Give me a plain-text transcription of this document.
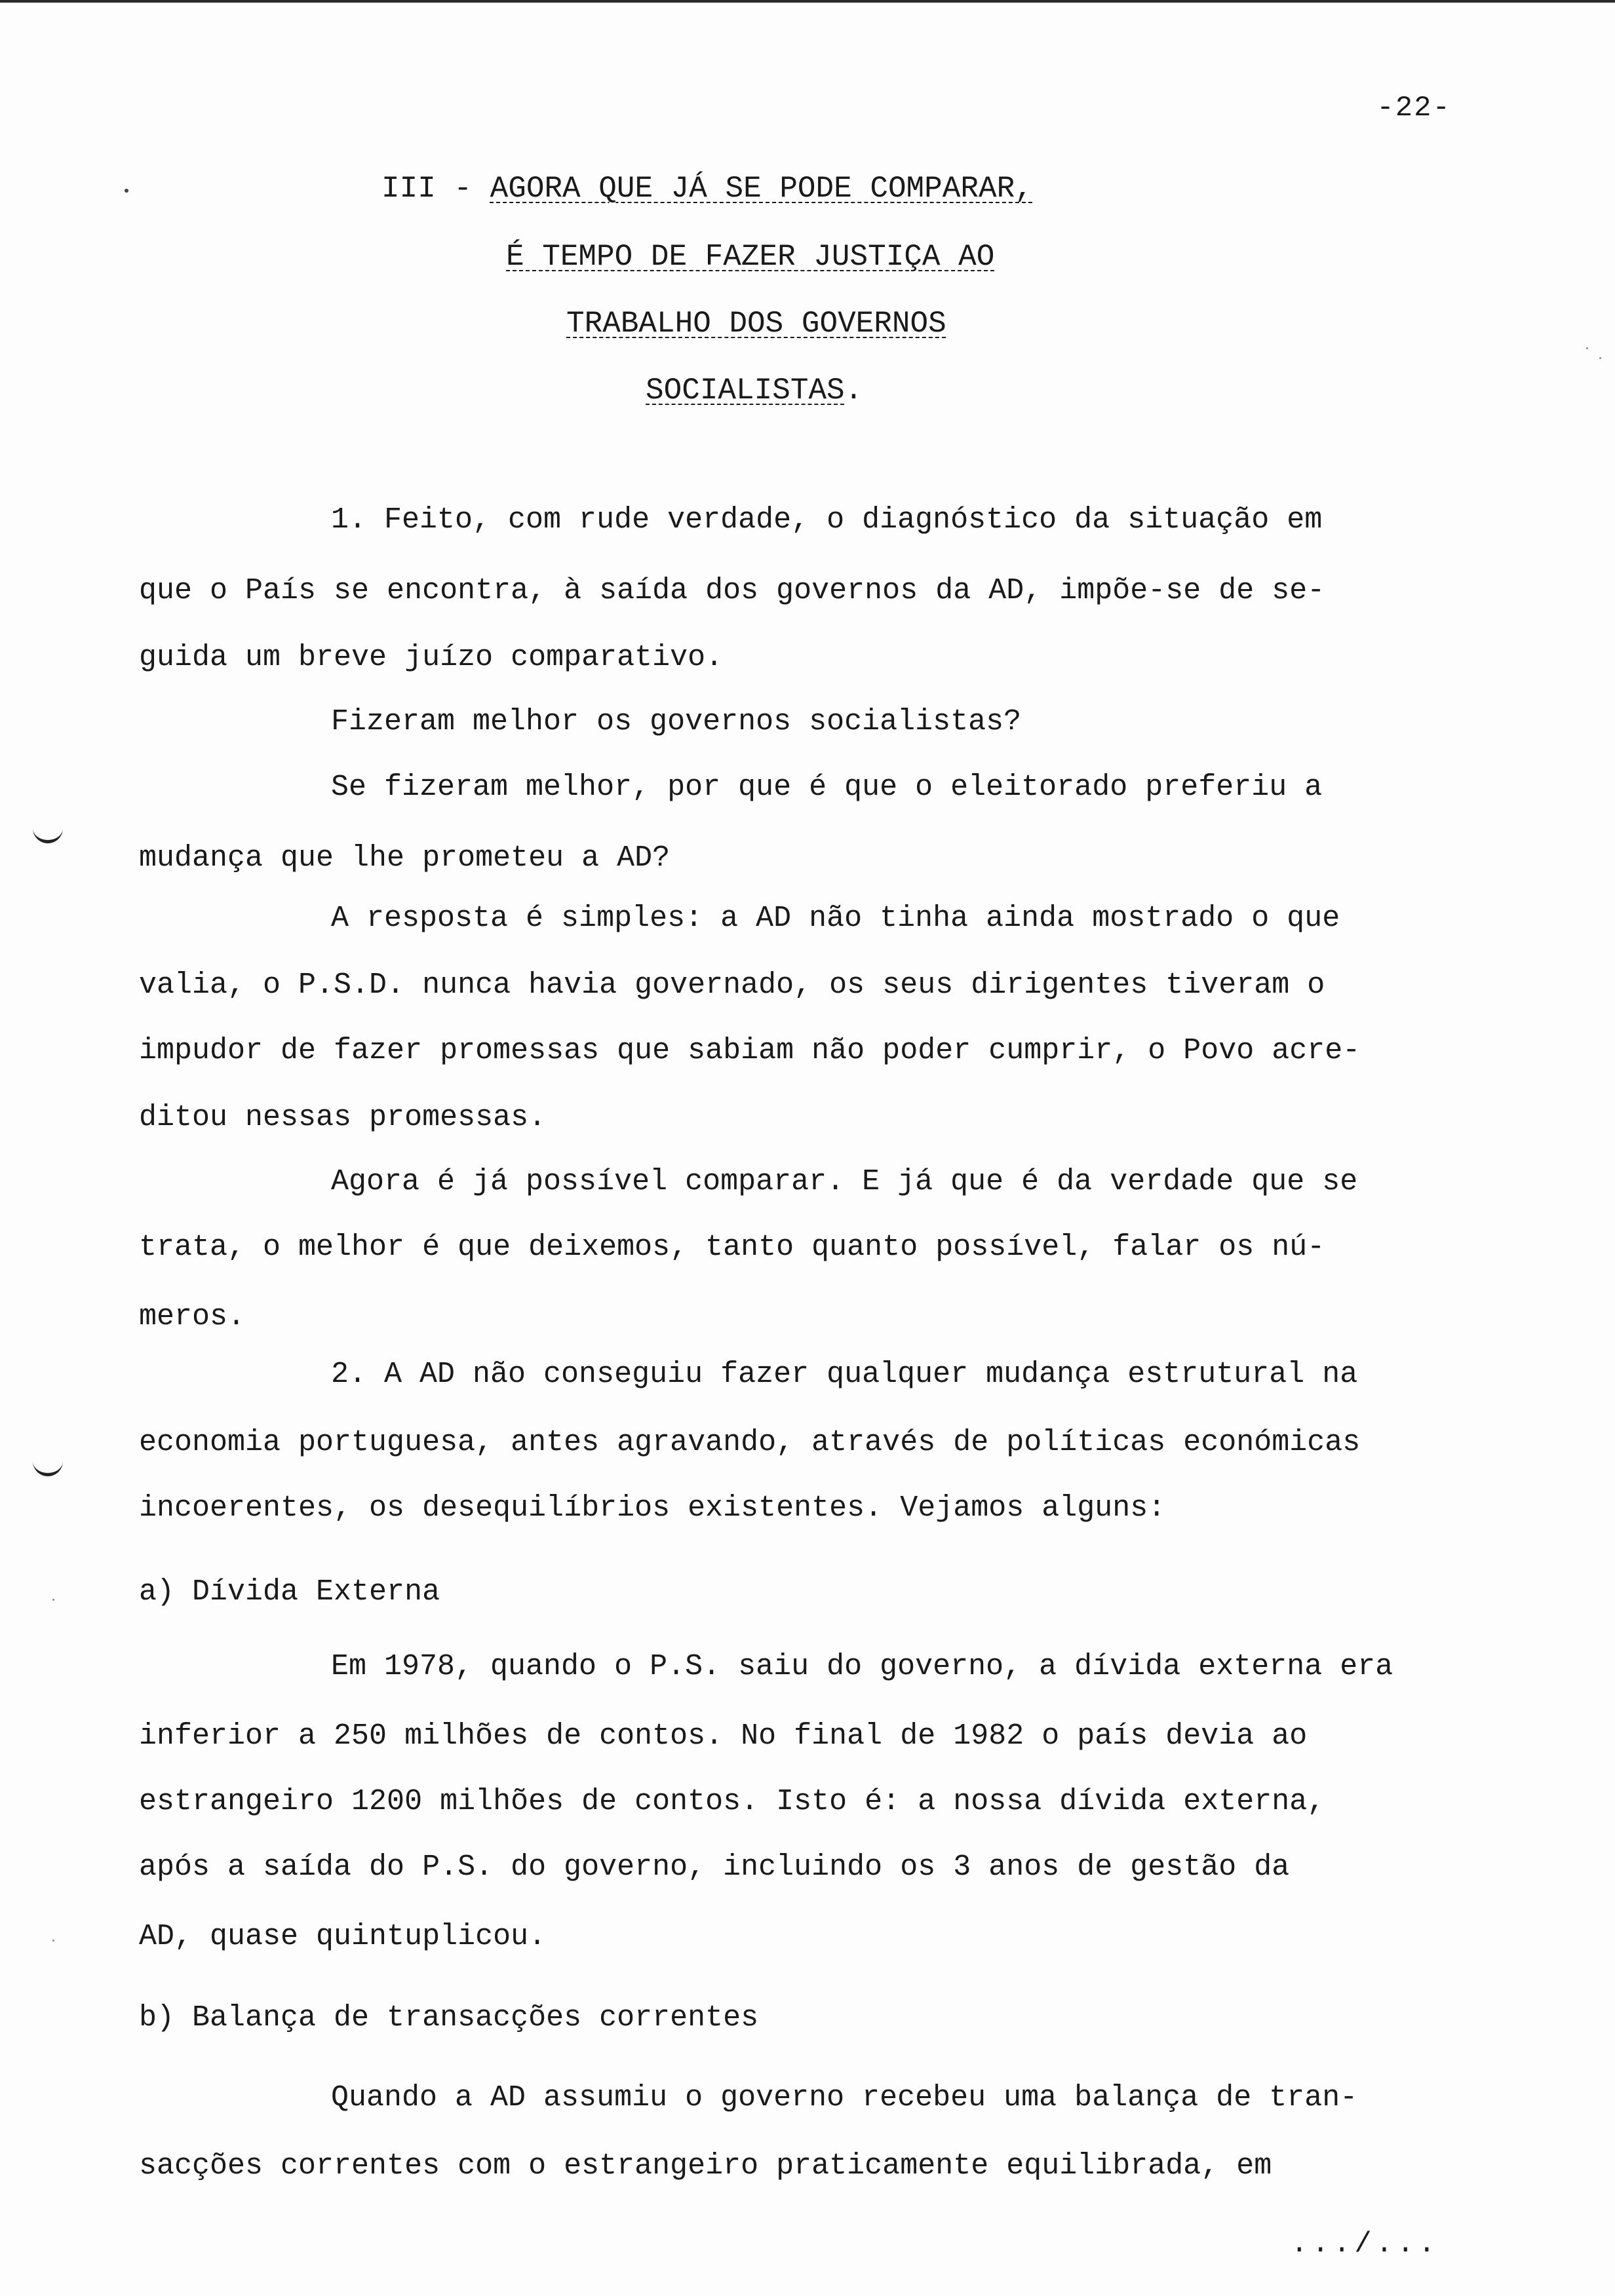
-22-
III - AGORA QUE JÁ SE PODE COMPARAR,
É TEMPO DE FAZER JUSTIÇA AO
TRABALHO DOS GOVERNOS
SOCIALISTAS.
1. Feito, com rude verdade, o diagnóstico da situação em
que o País se encontra, à saída dos governos da AD, impõe-se de se-
guida um breve juízo comparativo.
Fizeram melhor os governos socialistas?
Se fizeram melhor, por que é que o eleitorado preferiu a
mudança que lhe prometeu a AD?
A resposta é simples: a AD não tinha ainda mostrado o que
valia, o P.S.D. nunca havia governado, os seus dirigentes tiveram o
impudor de fazer promessas que sabiam não poder cumprir, o Povo acre-
ditou nessas promessas.
Agora é já possível comparar. E já que é da verdade que se
trata, o melhor é que deixemos, tanto quanto possível, falar os nú-
meros.
2. A AD não conseguiu fazer qualquer mudança estrutural na
economia portuguesa, antes agravando, através de políticas económicas
incoerentes, os desequilíbrios existentes. Vejamos alguns:
a) Dívida Externa
Em 1978, quando o P.S. saiu do governo, a dívida externa era
inferior a 250 milhões de contos. No final de 1982 o país devia ao
estrangeiro 1200 milhões de contos. Isto é: a nossa dívida externa,
após a saída do P.S. do governo, incluindo os 3 anos de gestão da
AD, quase quintuplicou.
b) Balança de transacções correntes
Quando a AD assumiu o governo recebeu uma balança de tran-
sacções correntes com o estrangeiro praticamente equilibrada, em
.../...
